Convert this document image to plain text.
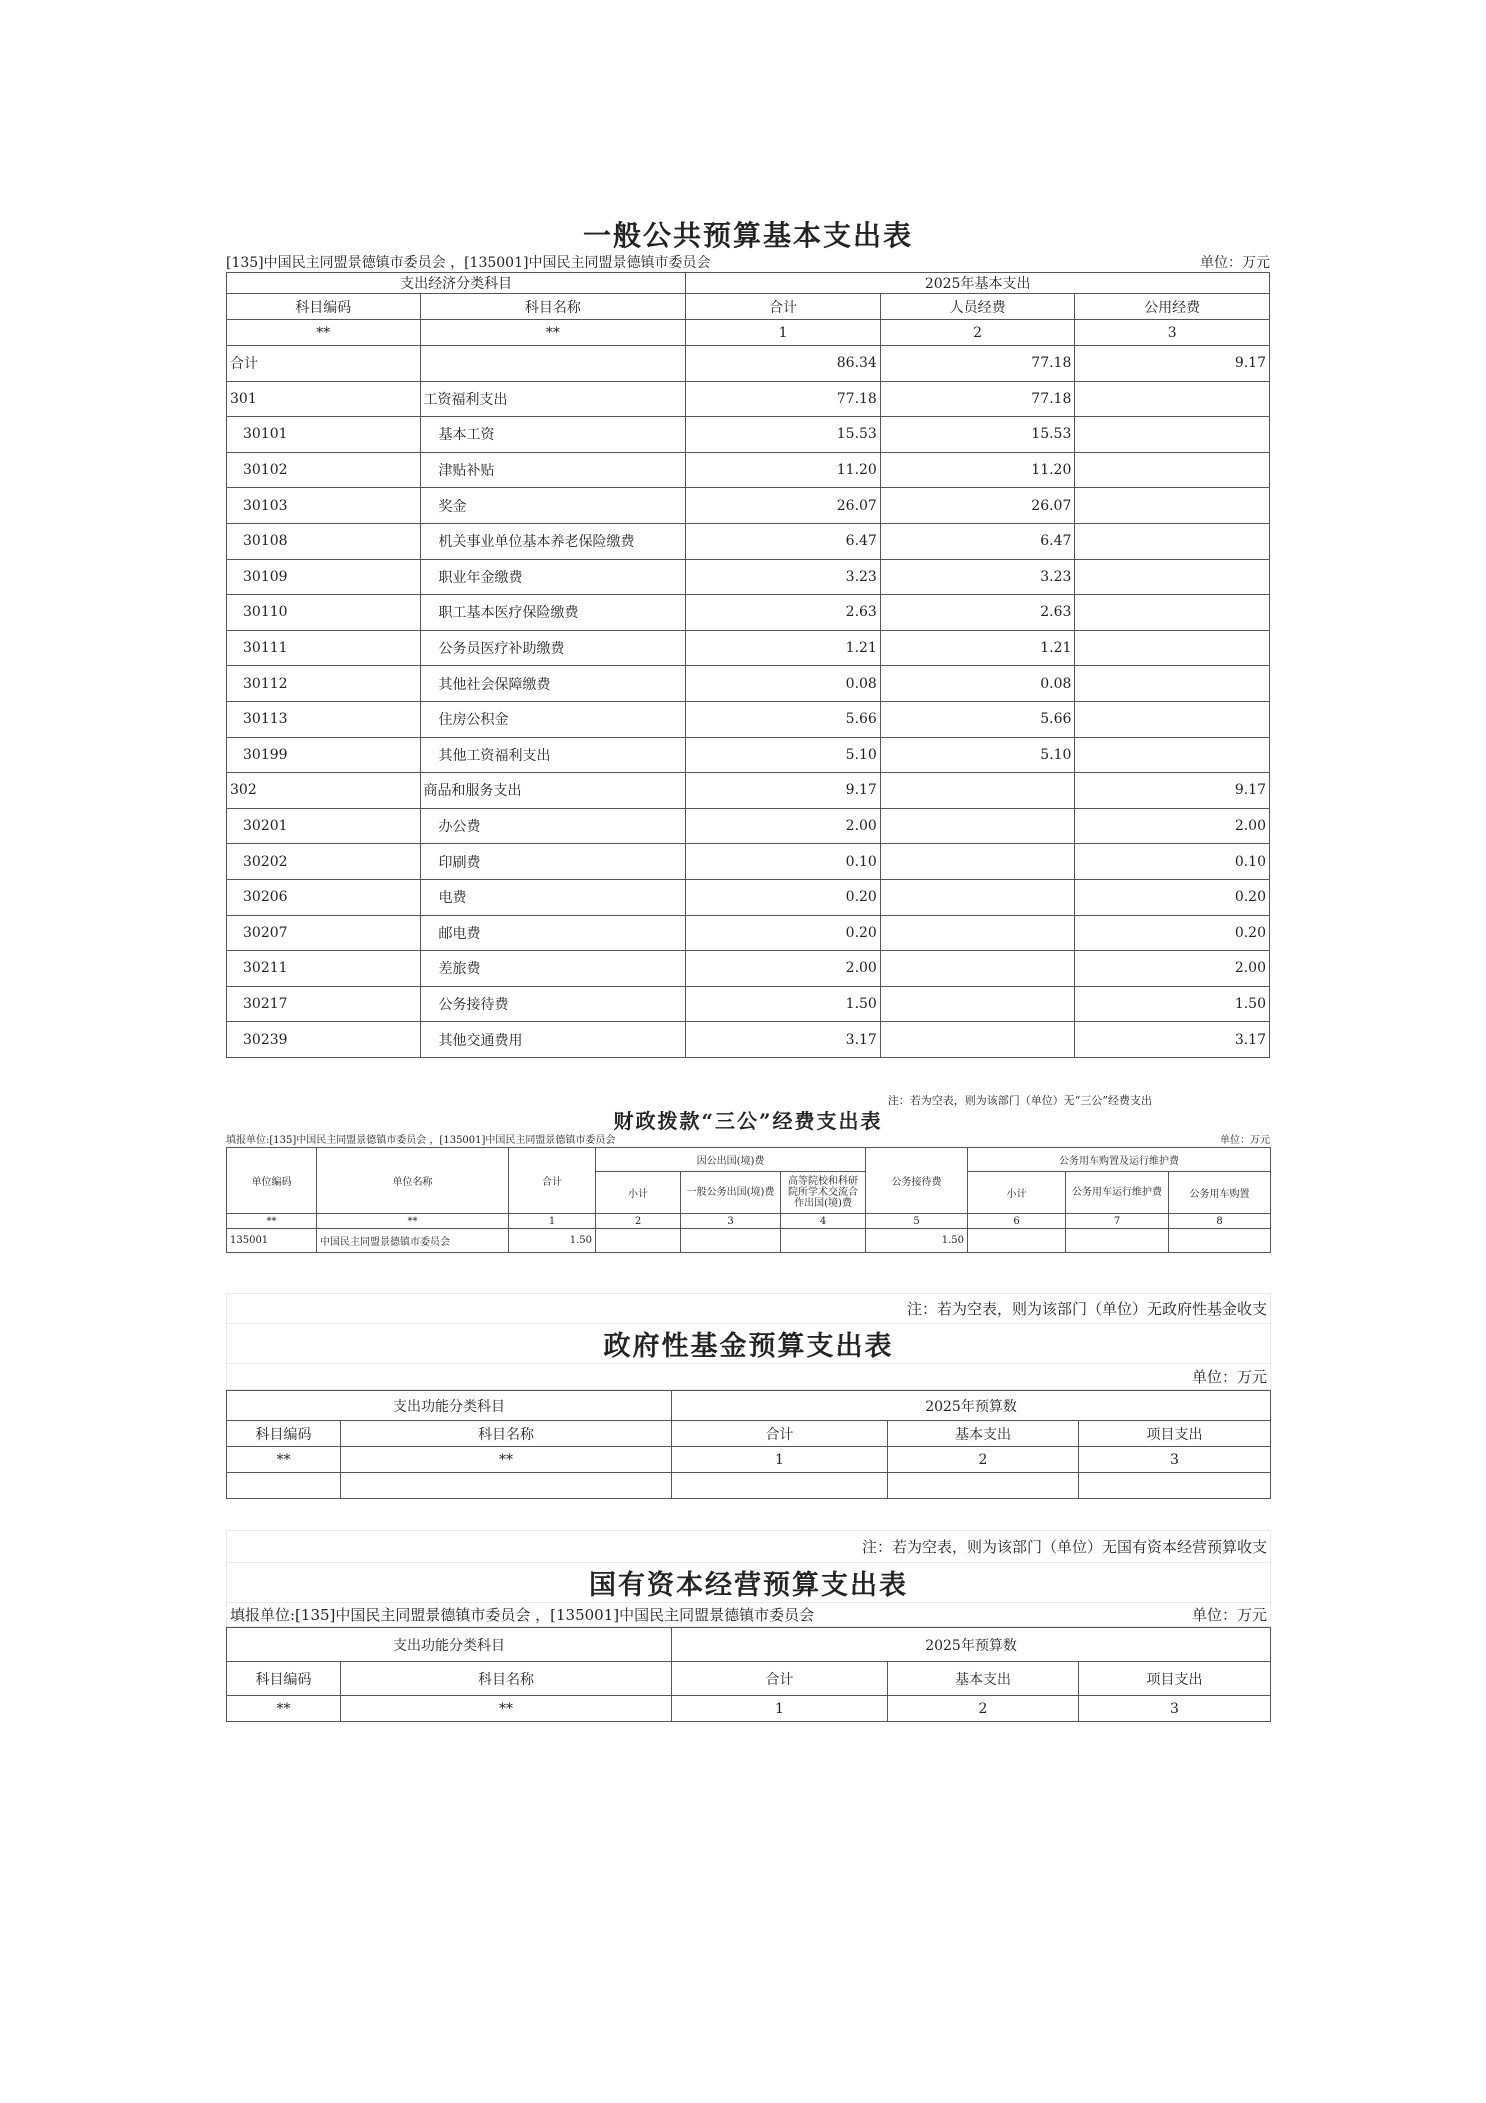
一般公共预算基本支出表
[135]中国民主同盟景德镇市委员会 ，[135001]中国民主同盟景德镇市委员会	单位：万元
支出经济分类科目		2025年基本支出		
科目编码	科目名称	合计	人员经费	公用经费
**	**	1	2	3
合计		86.34	77.18	9.17
301	工资福利支出	77.18	77.18	
30101	基本工资	15.53	15.53	
30102	津贴补贴	11.20	11.20	
30103	奖金	26.07	26.07	
30108	机关事业单位基本养老保险缴费	6.47	6.47	
30109	职业年金缴费	3.23	3.23	
30110	职工基本医疗保险缴费	2.63	2.63	
30111	公务员医疗补助缴费	1.21	1.21	
30112	其他社会保障缴费	0.08	0.08	
30113	住房公积金	5.66	5.66	
30199	其他工资福利支出	5.10	5.10	
302	商品和服务支出	9.17		9.17
30201	办公费	2.00		2.00
30202	印刷费	0.10		0.10
30206	电费	0.20		0.20
30207	邮电费	0.20		0.20
30211	差旅费	2.00		2.00
30217	公务接待费	1.50		1.50
30239	其他交通费用	3.17		3.17
注：若为空表，则为该部门（单位）无“三公”经费支出
财政拨款“三公”经费支出表
填报单位:[135]中国民主同盟景德镇市委员会 ，[135001]中国民主同盟景德镇市委员会	单位：万元
单位编码	单位名称	合计	因公出国(境)费			公务接待费	公务用车购置及运行维护费		
			小计	一般公务出国(境)费	高等院校和科研院所学术交流合作出国(境)费		小计	公务用车运行维护费	公务用车购置
**	**	1	2	3	4	5	6	7	8
135001	中国民主同盟景德镇市委员会	1.50				1.50			
注：若为空表，则为该部门（单位）无政府性基金收支
政府性基金预算支出表
单位：万元
支出功能分类科目		2025年预算数		
科目编码	科目名称	合计	基本支出	项目支出
**	**	1	2	3

注：若为空表，则为该部门（单位）无国有资本经营预算收支
国有资本经营预算支出表

填报单位:[135]中国民主同盟景德镇市委员会 ，[135001]中国民主同盟景德镇市委员会	单位：万元
支出功能分类科目		2025年预算数		
科目编码	科目名称	合计	基本支出	项目支出
**	**	1	2	3
